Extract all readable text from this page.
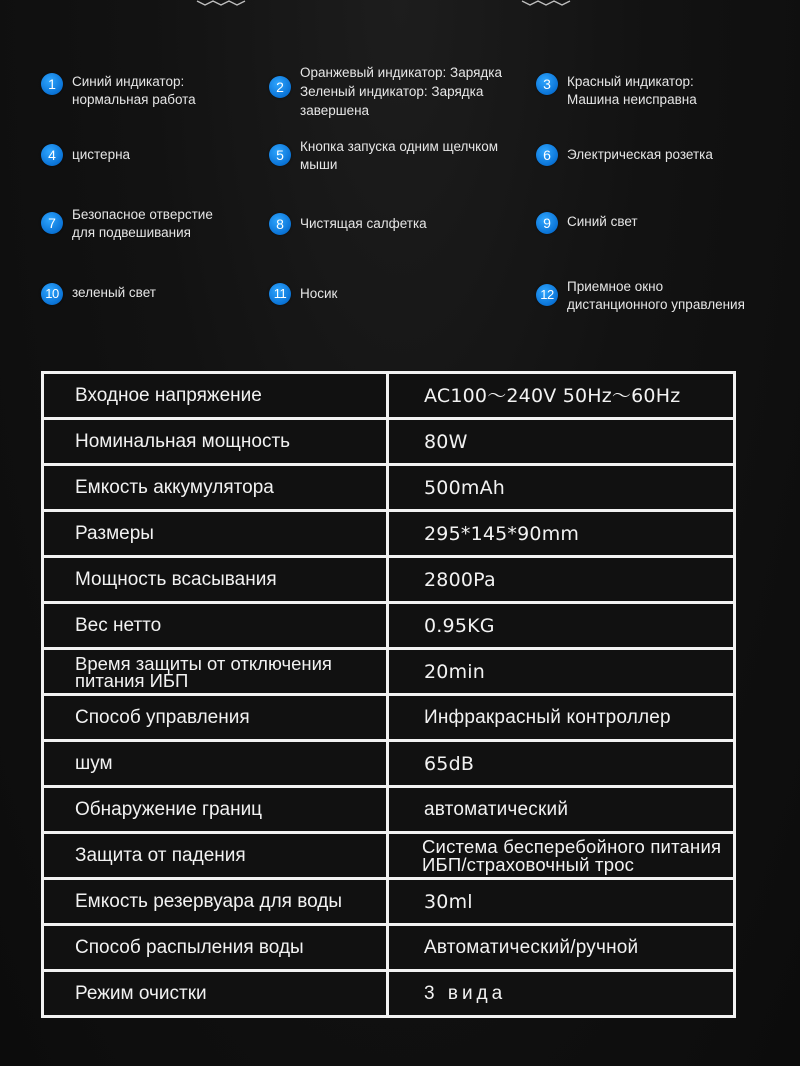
1	Синий индикатор:
нормальная работа
2
Оранжевый индикатор: Зарядка
Зеленый индикатор: Зарядка
завершена
3	Красный индикатор:
Машина неисправна
4	цистерна	5
Кнопка запуска одним щелчком
мыши
6	Электрическая розетка
7
Безопасное отверстие
для подвешивания
8	Чистящая салфетка	9	Синий свет
10 зеленый свет	11	Носик	12
Приемное окно
дистанционного управления
Входное напряжение	AC100～240V 50Hz～60Hz
Номинальная мощность	80W
Емкость аккумулятора	500mAh
Размеры	295*145*90mm
Мощность всасывания	2800Pa
Вес нетто	0.95KG
Время защиты от отключения питания ИБП	20min
Способ управления	Инфракрасный контроллер
шум	65dB
Обнаружение границ	автоматический
Защита от падения	Система бесперебойного питания ИБП/страховочный трос
Емкость резервуара для воды	30ml
Способ распыления воды	Автоматический/ручной
Режим очистки	3 вида
